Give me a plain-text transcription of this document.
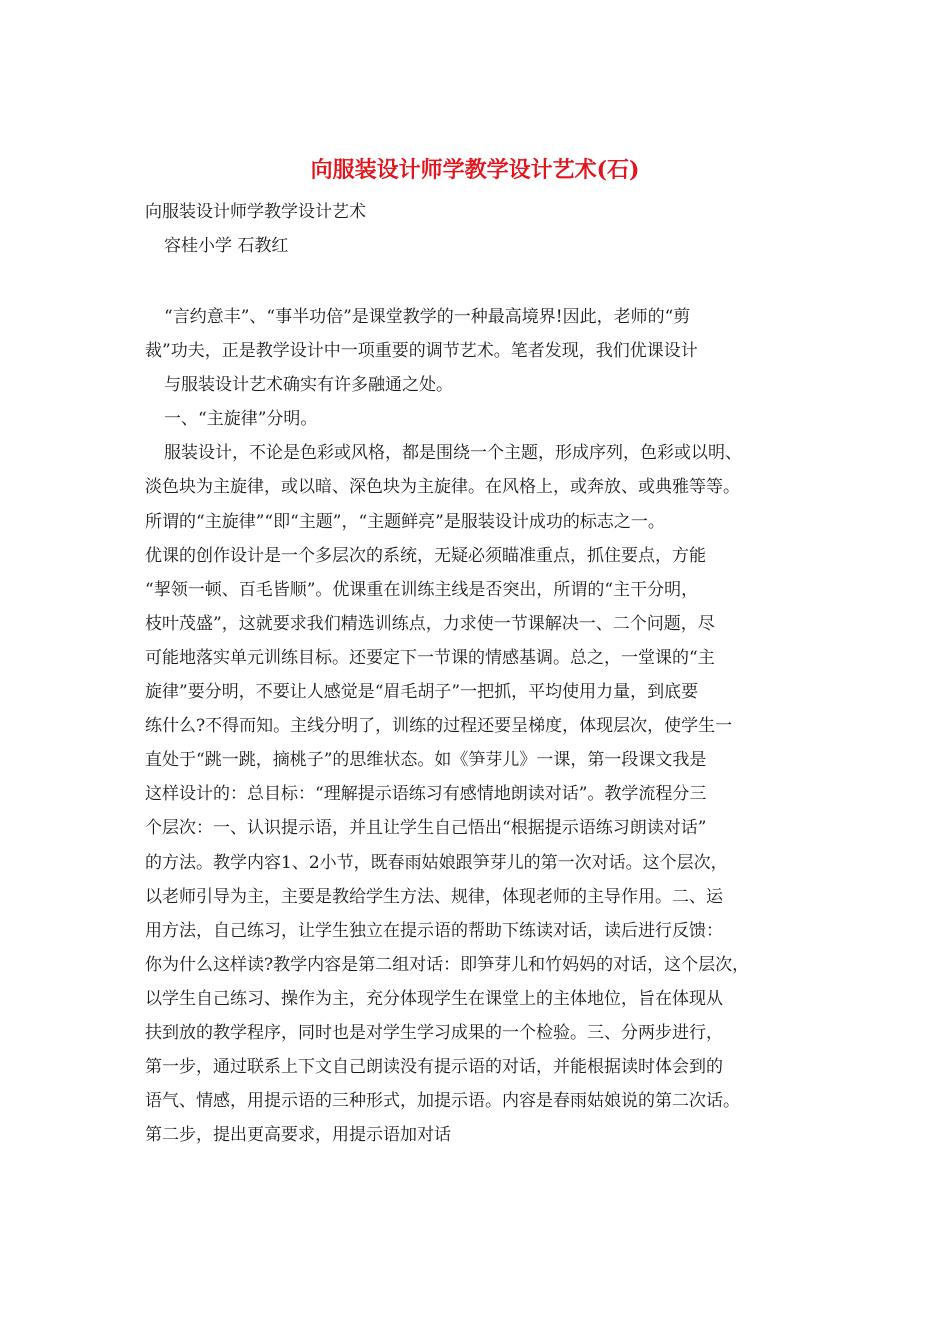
向服装设计师学教学设计艺术(石)
向服装设计师学教学设计艺术
容桂小学 石教红
“言约意丰”、“事半功倍”是课堂教学的一种最高境界!因此，老师的“剪
裁”功夫，正是教学设计中一项重要的调节艺术。笔者发现，我们优课设计
与服装设计艺术确实有许多融通之处。
一、“主旋律”分明。
服装设计，不论是色彩或风格，都是围绕一个主题，形成序列，色彩或以明、
淡色块为主旋律，或以暗、深色块为主旋律。在风格上，或奔放、或典雅等等。
所谓的“主旋律”“即“主题”，“主题鲜亮”是服装设计成功的标志之一。
优课的创作设计是一个多层次的系统，无疑必须瞄准重点，抓住要点，方能
“挈领一顿、百毛皆顺”。优课重在训练主线是否突出，所谓的“主干分明，
枝叶茂盛”，这就要求我们精选训练点，力求使一节课解决一、二个问题，尽
可能地落实单元训练目标。还要定下一节课的情感基调。总之，一堂课的“主
旋律”要分明，不要让人感觉是“眉毛胡子”一把抓，平均使用力量，到底要
练什么?不得而知。主线分明了，训练的过程还要呈梯度，体现层次，使学生一
直处于“跳一跳，摘桃子”的思维状态。如《笋芽儿》一课，第一段课文我是
这样设计的：总目标：“理解提示语练习有感情地朗读对话”。教学流程分三
个层次：一、认识提示语，并且让学生自己悟出“根据提示语练习朗读对话”
的方法。教学内容1、2小节，既春雨姑娘跟笋芽儿的第一次对话。这个层次，
以老师引导为主，主要是教给学生方法、规律，体现老师的主导作用。二、运
用方法，自己练习，让学生独立在提示语的帮助下练读对话，读后进行反馈：
你为什么这样读?教学内容是第二组对话：即笋芽儿和竹妈妈的对话，这个层次，
以学生自己练习、操作为主，充分体现学生在课堂上的主体地位，旨在体现从
扶到放的教学程序，同时也是对学生学习成果的一个检验。三、分两步进行，
第一步，通过联系上下文自己朗读没有提示语的对话，并能根据读时体会到的
语气、情感，用提示语的三种形式，加提示语。内容是春雨姑娘说的第二次话。
第二步，提出更高要求，用提示语加对话
